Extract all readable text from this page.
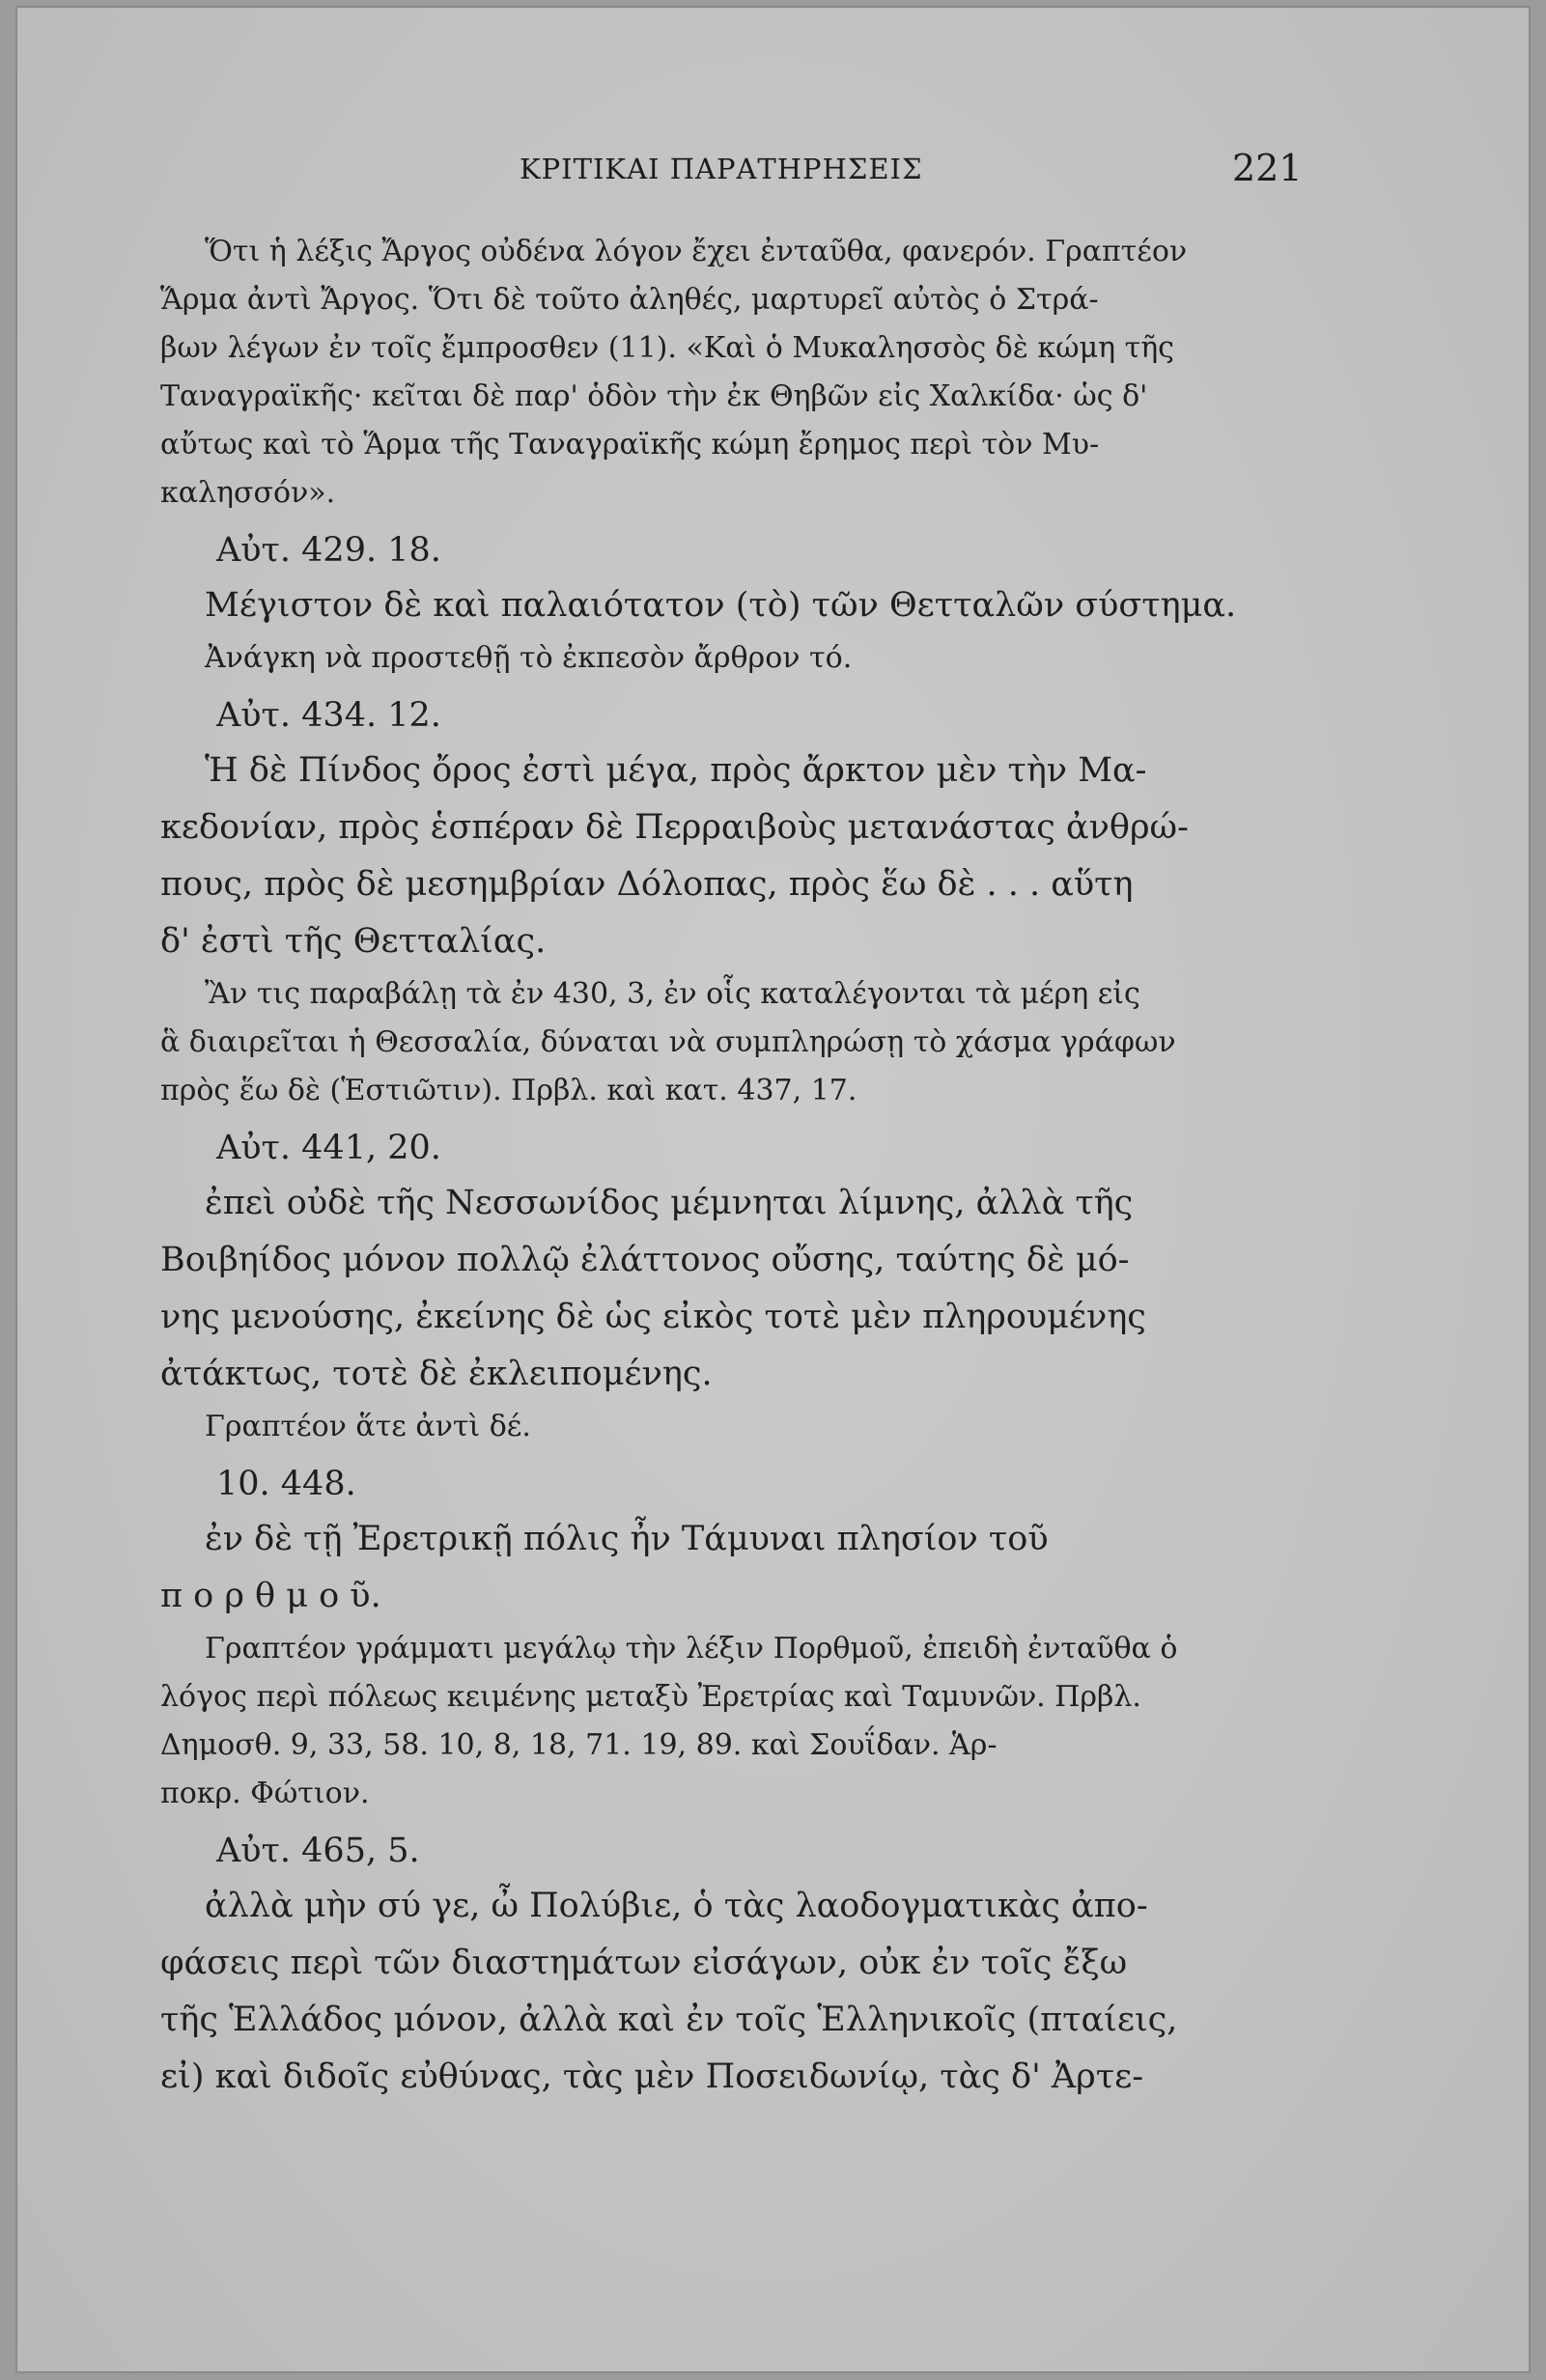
ΚΡΙΤΙΚΑΙ ΠΑΡΑΤΗΡΗΣΕΙΣ	221
Ὅτι ἡ λέξις Ἄργος οὐδένα λόγον ἔχει ἐνταῦθα, φανερόν. Γραπτέον
Ἅρμα ἀντὶ Ἄργος. Ὅτι δὲ τοῦτο ἀληθές, μαρτυρεῖ αὐτὸς ὁ Στρά-
βων λέγων ἐν τοῖς ἔμπροσθεν (11). «Καὶ ὁ Μυκαλησσὸς δὲ κώμη τῆς
Ταναγραϊκῆς· κεῖται δὲ παρ' ὁδὸν τὴν ἐκ Θηβῶν εἰς Χαλκίδα· ὡς δ'
αὔτως καὶ τὸ Ἅρμα τῆς Ταναγραϊκῆς κώμη ἔρημος περὶ τὸν Μυ-
καλησσόν».
Αὐτ. 429. 18.
Μέγιστον δὲ καὶ παλαιότατον (τὸ) τῶν Θετταλῶν σύστημα.
Ἀνάγκη νὰ προστεθῇ τὸ ἐκπεσὸν ἄρθρον τό.
Αὐτ. 434. 12.
Ἡ δὲ Πίνδος ὄρος ἐστὶ μέγα, πρὸς ἄρκτον μὲν τὴν Μα-
κεδονίαν, πρὸς ἑσπέραν δὲ Περραιβοὺς μετανάστας ἀνθρώ-
πους, πρὸς δὲ μεσημβρίαν Δόλοπας, πρὸς ἕω δὲ . . . αὕτη
δ' ἐστὶ τῆς Θετταλίας.
Ἂν τις παραβάλῃ τὰ ἐν 430, 3, ἐν οἷς καταλέγονται τὰ μέρη εἰς
ἃ διαιρεῖται ἡ Θεσσαλία, δύναται νὰ συμπληρώσῃ τὸ χάσμα γράφων
πρὸς ἕω δὲ (Ἑστιῶτιν). Πρβλ. καὶ κατ. 437, 17.
Αὐτ. 441, 20.
ἐπεὶ οὐδὲ τῆς Νεσσωνίδος μέμνηται λίμνης, ἀλλὰ τῆς
Βοιβηίδος μόνον πολλῷ ἐλάττονος οὔσης, ταύτης δὲ μό-
νης μενούσης, ἐκείνης δὲ ὡς εἰκὸς τοτὲ μὲν πληρουμένης
ἀτάκτως, τοτὲ δὲ ἐκλειπομένης.
Γραπτέον ἅτε ἀντὶ δέ.
10. 448.
ἐν δὲ τῇ Ἐρετρικῇ πόλις ἦν Τάμυναι πλησίον τοῦ
π ο ρ θ μ ο ῦ.
Γραπτέον γράμματι μεγάλῳ τὴν λέξιν Πορθμοῦ, ἐπειδὴ ἐνταῦθα ὁ
λόγος περὶ πόλεως κειμένης μεταξὺ Ἐρετρίας καὶ Ταμυνῶν. Πρβλ.
Δημοσθ. 9, 33, 58. 10, 8, 18, 71. 19, 89. καὶ Σουΐδαν. Ἁρ-
ποκρ. Φώτιον.
Αὐτ. 465, 5.
ἀλλὰ μὴν σύ γε, ὦ Πολύβιε, ὁ τὰς λαοδογματικὰς ἀπο-
φάσεις περὶ τῶν διαστημάτων εἰσάγων, οὐκ ἐν τοῖς ἔξω
τῆς Ἑλλάδος μόνον, ἀλλὰ καὶ ἐν τοῖς Ἑλληνικοῖς (πταίεις,
εἰ) καὶ διδοῖς εὐθύνας, τὰς μὲν Ποσειδωνίῳ, τὰς δ' Ἀρτε-
